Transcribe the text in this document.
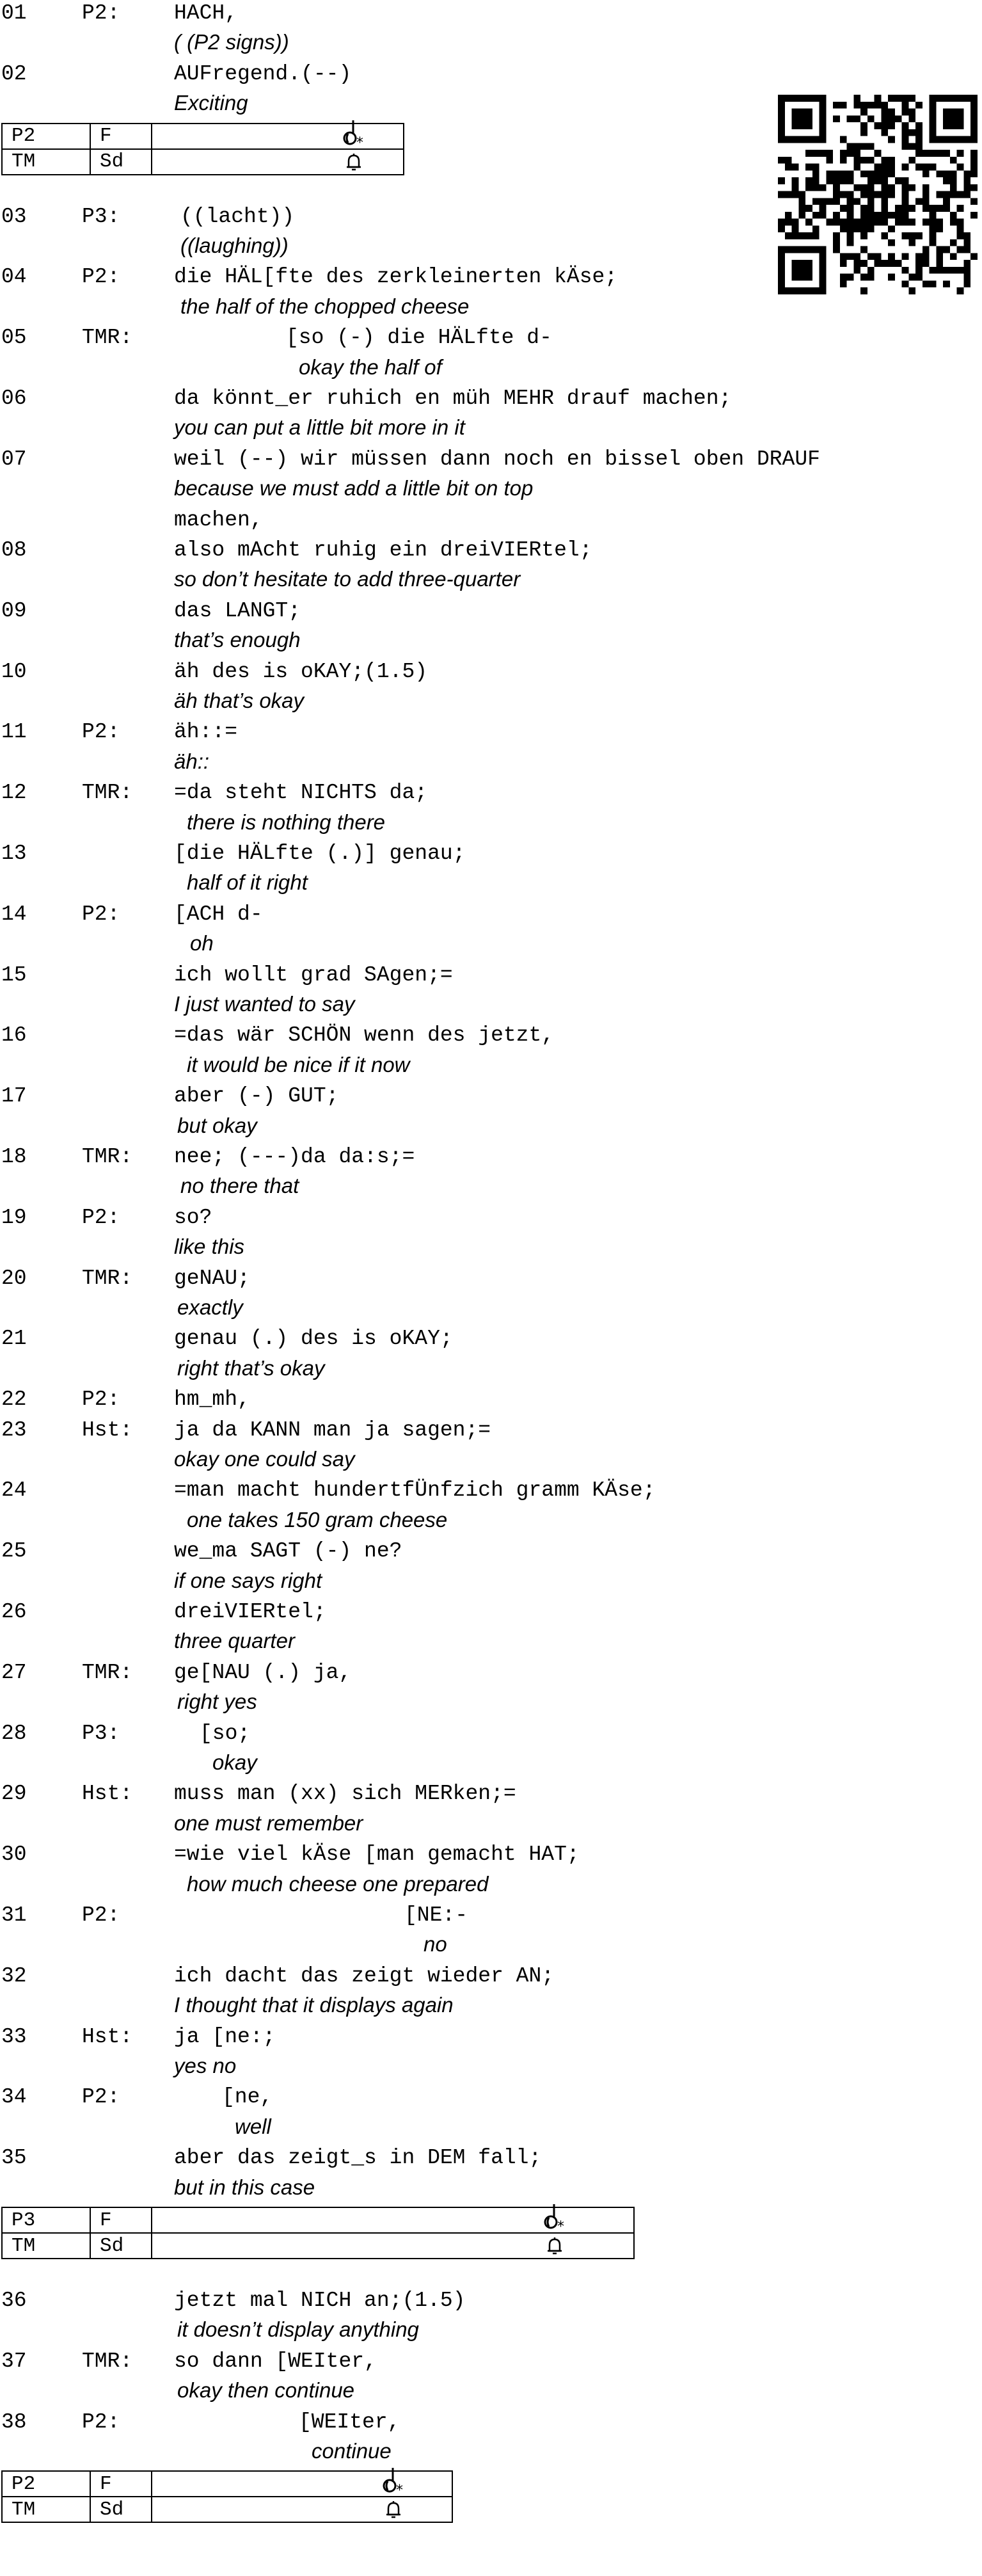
01	P2:	HACH,
( (P2 signs))
02	AUFregend.(--)
Exciting
P2	F	*

TM	Sd	
03	P3:	((lacht))
((laughing))
04	P2:	die HÄL[fte des zerkleinerten kÄse;
the half of the chopped cheese
05	TMR:	[so (-) die HÄLfte d-
okay the half of
06	da könnt_er ruhich en müh MEHR drauf machen;
you can put a little bit more in it
07	weil (--) wir müssen dann noch en bissel oben DRAUF
because we must add a little bit on top
machen,
08	also mAcht ruhig ein dreiVIERtel;
so don’t hesitate to add three-quarter
09	das LANGT;
that’s enough
10	äh des is oKAY;(1.5)
äh that’s okay
11	P2:	äh::=
äh::
12	TMR: =da steht NICHTS da;
there is nothing there
13	[die HÄLfte (.)] genau;
half of it right
14	P2:	[ACH d-
oh
15	ich wollt grad SAgen;=
I just wanted to say
16	=das wär SCHÖN wenn des jetzt,
it would be nice if it now
17	aber (-) GUT;
but okay
18	TMR: nee; (---)da da:s;=
no there that
19	P2:	so?
like this
20	TMR: geNAU;
exactly
21	genau (.) des is oKAY;
right that’s okay
22	P2:	hm_mh,
23	Hst: ja da KANN man ja sagen;=
okay one could say
24	=man macht hundertfÜnfzich gramm KÄse;
one takes 150 gram cheese
25	we_ma SAGT (-) ne?
if one says right
26	dreiVIERtel;
three quarter
27	TMR: ge[NAU (.) ja,
right yes
28	P3:	[so;
okay
29	Hst: muss man (xx) sich MERken;=
one must remember
30	=wie viel kÄse [man gemacht HAT;
how much cheese one prepared
31	P2:	[NE:-
no
32	ich dacht das zeigt wieder AN;
I thought that it displays again
33	Hst: ja [ne:;
yes no
34	P2:	[ne,
well
35	aber das zeigt_s in DEM fall;
but in this case
P3	F	*

TM	Sd	
36	jetzt mal NICH an;(1.5)
it doesn’t display anything
37	TMR: so dann [WEIter,
okay then continue
38	P2:	[WEIter,
continue
P2	F	*

TM	Sd	
